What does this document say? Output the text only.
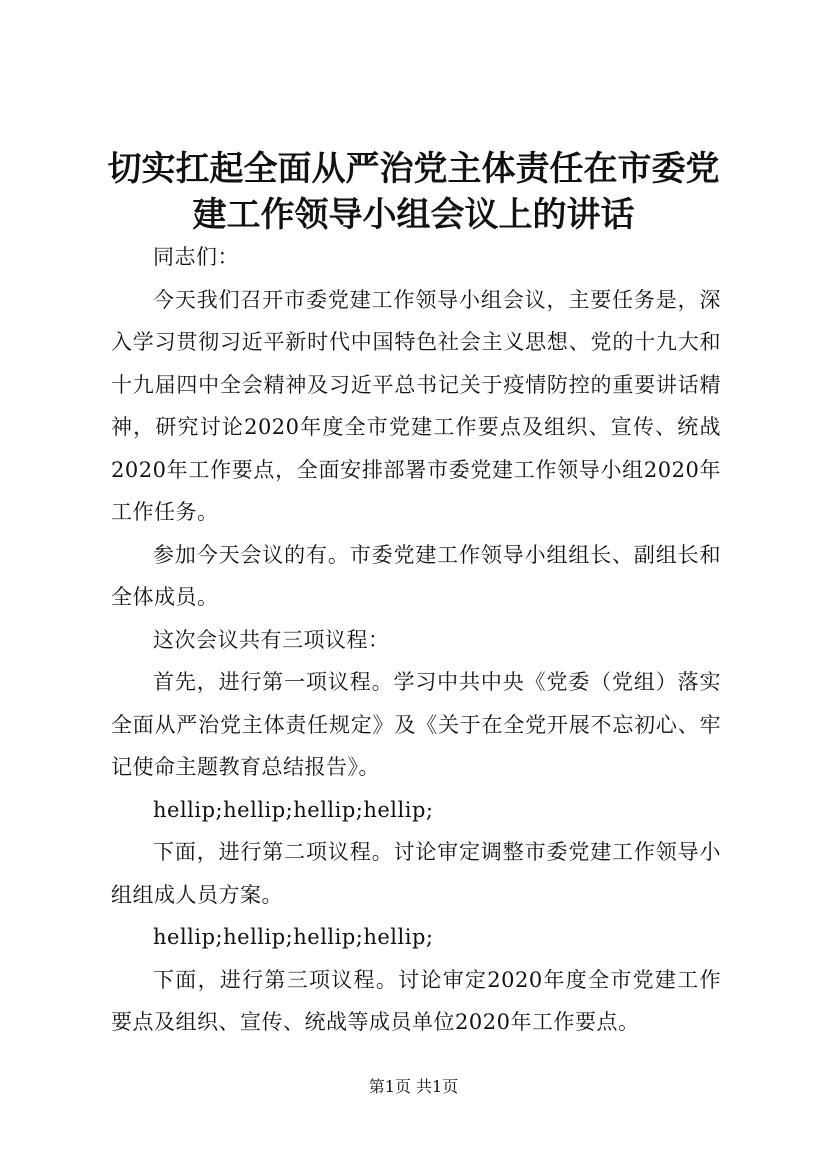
切实扛起全面从严治党主体责任在市委党建工作领导小组会议上的讲话

同志们：

今天我们召开市委党建工作领导小组会议，主要任务是，深入学习贯彻习近平新时代中国特色社会主义思想、党的十九大和十九届四中全会精神及习近平总书记关于疫情防控的重要讲话精神，研究讨论2020年度全市党建工作要点及组织、宣传、统战2020年工作要点，全面安排部署市委党建工作领导小组2020年工作任务。

参加今天会议的有。市委党建工作领导小组组长、副组长和全体成员。

这次会议共有三项议程：

首先，进行第一项议程。学习中共中央《党委（党组）落实全面从严治党主体责任规定》及《关于在全党开展不忘初心、牢记使命主题教育总结报告》。

hellip;hellip;hellip;hellip;

下面，进行第二项议程。讨论审定调整市委党建工作领导小组组成人员方案。

hellip;hellip;hellip;hellip;

下面，进行第三项议程。讨论审定2020年度全市党建工作要点及组织、宣传、统战等成员单位2020年工作要点。

第1页 共1页
